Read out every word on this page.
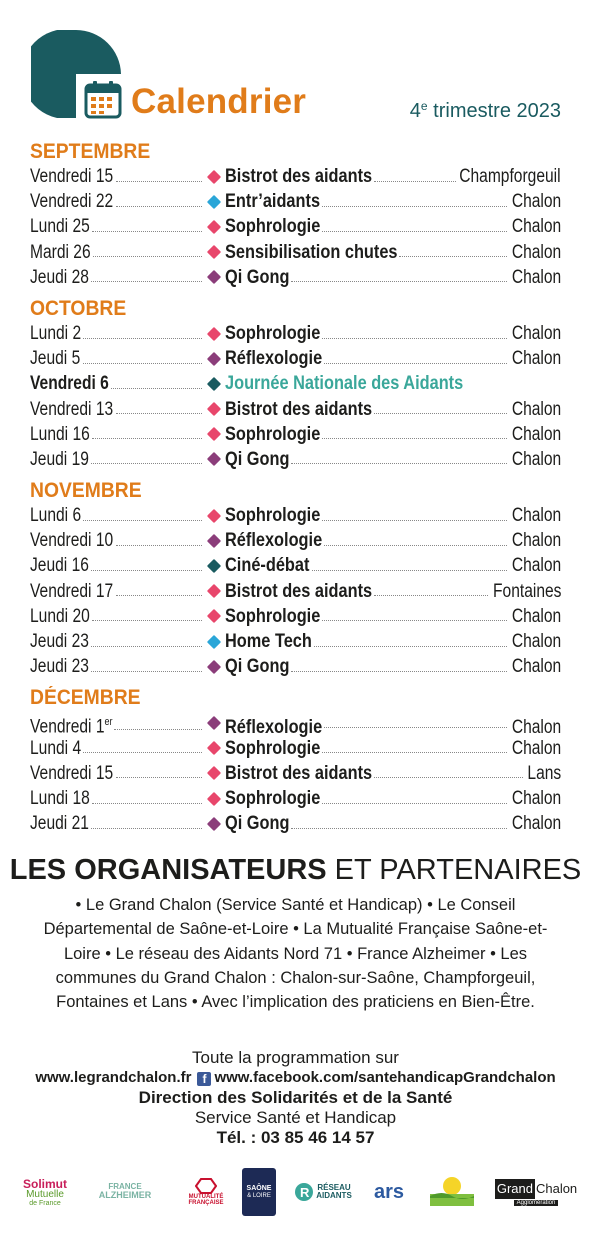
Calendrier	4e trimestre 2023
SEPTEMBRE
Vendredi 15	Bistrot des aidants	Champforgeuil
Vendredi 22	Entr’aidants	Chalon
Lundi 25	Sophrologie	Chalon
Mardi 26	Sensibilisation chutes	Chalon
Jeudi 28	Qi Gong	Chalon
OCTOBRE
Lundi 2	Sophrologie	Chalon
Jeudi 5	Réflexologie	Chalon
Vendredi 6	Journée Nationale des Aidants
Vendredi 13	Bistrot des aidants	Chalon
Lundi 16	Sophrologie	Chalon
Jeudi 19	Qi Gong	Chalon
NOVEMBRE
Lundi 6	Sophrologie	Chalon
Vendredi 10	Réflexologie	Chalon
Jeudi 16	Ciné-débat	Chalon
Vendredi 17	Bistrot des aidants	Fontaines
Lundi 20	Sophrologie	Chalon
Jeudi 23	Home Tech	Chalon
Jeudi 23	Qi Gong	Chalon
DÉCEMBRE
Vendredi 1er	Réflexologie	Chalon
Lundi 4	Sophrologie	Chalon
Vendredi 15	Bistrot des aidants	Lans
Lundi 18	Sophrologie	Chalon
Jeudi 21	Qi Gong	Chalon
LES ORGANISATEURS ET PARTENAIRES
• Le Grand Chalon (Service Santé et Handicap) • Le Conseil Départemental de Saône-et-Loire • La Mutualité Française Saône-et-Loire • Le réseau des Aidants Nord 71 • France Alzheimer • Les communes du Grand Chalon : Chalon-sur-Saône, Champforgeuil, Fontaines et Lans • Avec l’implication des praticiens en Bien-Être.
Toute la programmation sur
www.legrandchalon.fr f www.facebook.com/santehandicapGrandchalon
Direction des Solidarités et de la Santé
Service Santé et Handicap
Tél. : 03 85 46 14 57
Solimut
Mutuelle
de France
FRANCE
ALZHEIMER	MUTUALITÉ
FRANÇAISE
SAÔNE
& LOIRE R RÉSEAU
AIDANTS ars	Grand Chalon
Agglomération
